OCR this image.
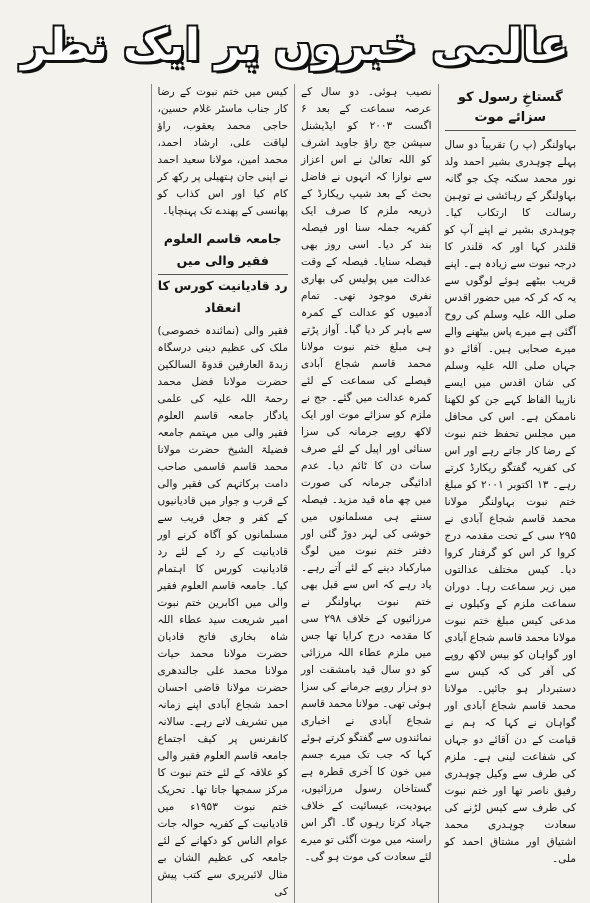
عالمی خبروں پر ایک نظر
گستاخِ رسول کو سزائے موت

بہاولنگر (پ ر) تقریباً دو سال پہلے چوہدری بشیر احمد ولد نور محمد سکنہ چک جو گانہ بہاولنگر کے رہائشی نے توہین رسالت کا ارتکاب کیا۔ چوہدری بشیر نے اپنے آپ کو قلندر کہا اور کہ قلندر کا درجہ نبوت سے زیادہ ہے۔ اپنے قریب بیٹھے ہوئے لوگوں سے یہ کہ کر کہ میں حضور اقدس صلی اللہ علیہ وسلم کی روح آگئی ہے میرے پاس بیٹھنے والے میرے صحابی ہیں۔ آقائے دو جہاں صلی اللہ علیہ وسلم کی شان اقدس میں ایسے نازیبا الفاظ کہے جن کو لکھنا ناممکن ہے۔ اس کی محافل میں مجلس تحفظ ختم نبوت کے رضا کار جاتے رہے اور اس کی کفریہ گفتگو ریکارڈ کرتے رہے۔ ۱۳ اکتوبر ۲۰۰۱ کو مبلغ ختم نبوت بہاولنگر مولانا محمد قاسم شجاع آبادی نے ۲۹۵ سی کے تحت مقدمہ درج کروا کر اس کو گرفتار کروا دیا۔ کیس مختلف عدالتوں میں زیر سماعت رہا۔ دوران سماعت ملزم کے وکیلوں نے مدعی کیس مبلغ ختم نبوت مولانا محمد قاسم شجاع آبادی اور گواہان کو بیس لاکھ روپے کی آفر کی کہ کیس سے دستبردار ہو جائیں۔ مولانا محمد قاسم شجاع آبادی اور گواہان نے کہا کہ ہم نے قیامت کے دن آقائے دو جہاں کی شفاعت لینی ہے۔ ملزم کی طرف سے وکیل چوہدری رفیق ناصر تھا اور ختم نبوت کی طرف سے کیس لڑنے کی سعادت چوہدری محمد اشتیاق اور مشتاق احمد کو ملی۔

نصیب ہوئی۔ دو سال کے عرصہ سماعت کے بعد ۶ اگست ۲۰۰۳ کو ایڈیشنل سیشن جج راؤ جاوید اشرف کو اللہ تعالیٰ نے اس اعزاز سے نوازا کہ انہوں نے فاضل بحث کے بعد شیپ ریکارڈ کے ذریعہ ملزم کا صرف ایک کفریہ جملہ سنا اور فیصلہ بند کر دیا۔ اسی روز بھی فیصلہ سنایا۔ فیصلہ کے وقت عدالت میں پولیس کی بھاری نفری موجود تھی۔ تمام آدمیوں کو عدالت کے کمرہ سے باہر کر دیا گیا۔ آواز پڑتے ہی مبلغ ختم نبوت مولانا محمد قاسم شجاع آبادی فیصلے کی سماعت کے لئے کمرہ عدالت میں گئے۔ جج نے ملزم کو سزائے موت اور ایک لاکھ روپے جرمانہ کی سزا سنائی اور اپیل کے لئے صرف سات دن کا ٹائم دیا۔ عدم ادائیگی جرمانہ کی صورت میں چھ ماہ قید مزید۔ فیصلہ سنتے ہی مسلمانوں میں خوشی کی لہر دوڑ گئی اور دفتر ختم نبوت میں لوگ مبارکباد دینے کے لئے آتے رہے۔ یاد رہے کہ اس سے قبل بھی ختم نبوت بہاولنگر نے مرزائیوں کے خلاف ۲۹۸ سی کا مقدمہ درج کرایا تھا جس میں ملزم عطاء اللہ مرزائی کو دو سال قید بامشقت اور دو ہزار روپے جرمانے کی سزا ہوئی تھی۔ مولانا محمد قاسم شجاع آبادی نے اخباری نمائندوں سے گفتگو کرتے ہوئے کہا کہ جب تک میرے جسم میں خون کا آخری قطرہ ہے گستاخان رسول مرزائیوں، یہودیت، عیسائیت کے خلاف جہاد کرتا رہوں گا۔ اگر اس راستہ میں موت آگئی تو میرے لئے سعادت کی موت ہو گی۔

کیس میں ختم نبوت کے رضا کار جناب ماسٹر غلام حسین، حاجی محمد یعقوب، راؤ لیاقت علی، ارشاد احمد، محمد امین، مولانا سعید احمد نے اپنی جان ہتھیلی پر رکھ کر کام کیا اور اس کذاب کو پھانسی کے پھندے تک پہنچایا۔

جامعہ قاسم العلوم فقیر والی میں
رد قادیانیت کورس کا انعقاد

فقیر والی (نمائندہ خصوصی) ملک کی عظیم دینی درسگاہ زبدۃ العارفین قدوۃ السالکین حضرت مولانا فضل محمد رحمۃ اللہ علیہ کی علمی یادگار جامعہ قاسم العلوم فقیر والی میں مہتمم جامعہ فضیلۃ الشیخ حضرت مولانا محمد قاسم قاسمی صاحب دامت برکاتہم کی فقیر والی کے قرب و جوار میں قادیانیوں کے کفر و جعل فریب سے مسلمانوں کو آگاہ کرنے اور قادیانیت کے رد کے لئے رد قادیانیت کورس کا اہتمام کیا۔ جامعہ قاسم العلوم فقیر والی میں اکابرین ختم نبوت امیر شریعت سید عطاء اللہ شاہ بخاری فاتح قادیان حضرت مولانا محمد حیات مولانا محمد علی جالندھری حضرت مولانا قاضی احسان احمد شجاع آبادی اپنے زمانہ میں تشریف لاتے رہے۔ سالانہ کانفرنس پر کیف اجتماع جامعہ قاسم العلوم فقیر والی کو علاقہ کے لئے ختم نبوت کا مرکز سمجھا جاتا تھا۔ تحریک ختم نبوت ۱۹۵۳ء میں قادیانیت کے کفریہ حوالہ جات عوام الناس کو دکھانے کے لئے جامعہ کی عظیم الشان بے مثال لائبریری سے کتب پیش کی
